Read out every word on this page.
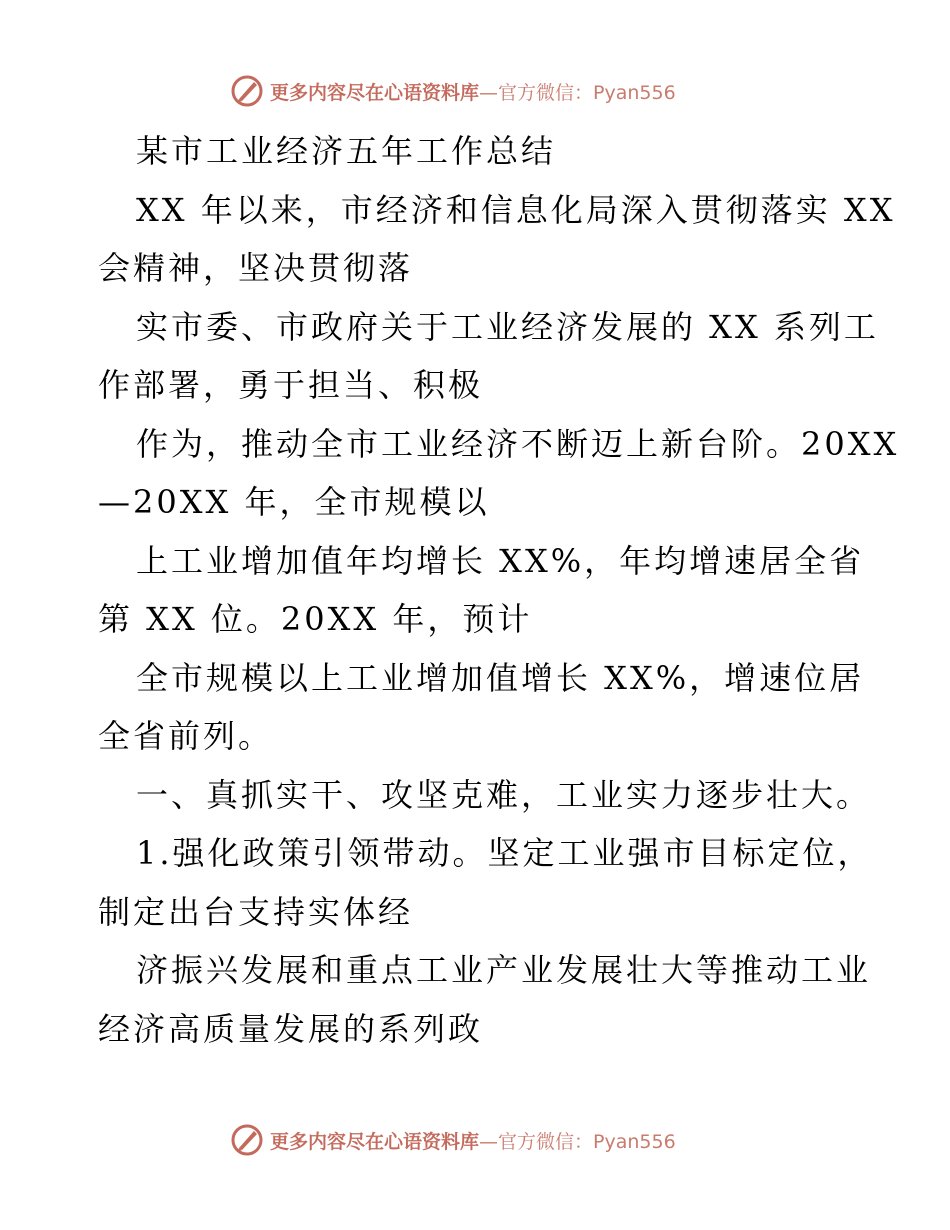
更多内容尽在心语资料库—官方微信：Pyan556
某市工业经济五年工作总结
XX 年以来，市经济和信息化局深入贯彻落实 XX
会精神，坚决贯彻落
实市委、市政府关于工业经济发展的 XX 系列工
作部署，勇于担当、积极
作为，推动全市工业经济不断迈上新台阶。20XX
—20XX 年，全市规模以
上工业增加值年均增长 XX%，年均增速居全省
第 XX 位。20XX 年，预计
全市规模以上工业增加值增长 XX%，增速位居
全省前列。
一、真抓实干、攻坚克难，工业实力逐步壮大。
1.强化政策引领带动。坚定工业强市目标定位，
制定出台支持实体经
济振兴发展和重点工业产业发展壮大等推动工业
经济高质量发展的系列政
更多内容尽在心语资料库—官方微信：Pyan556
